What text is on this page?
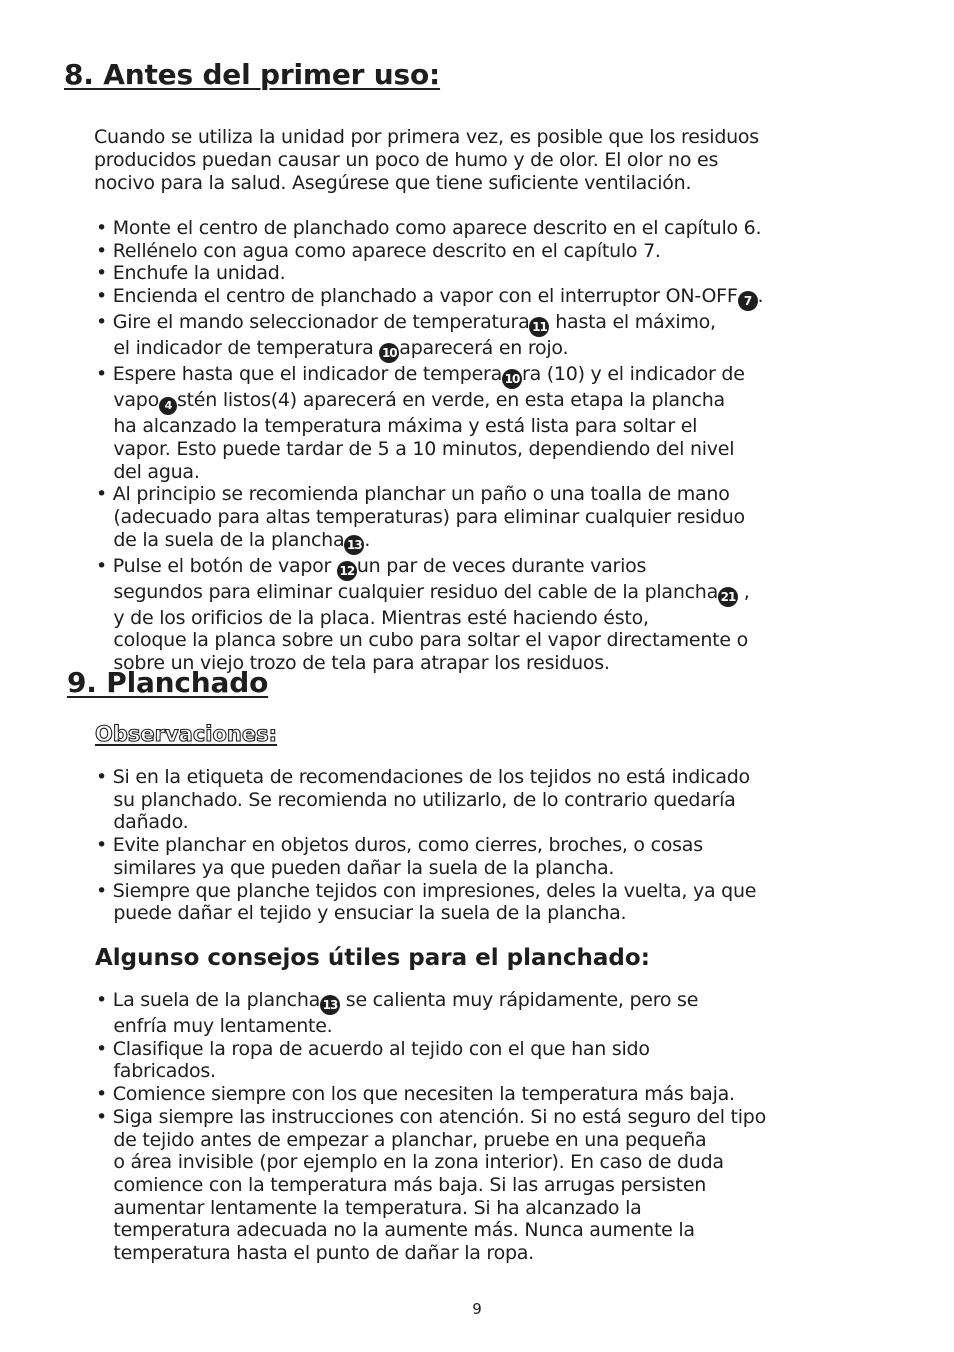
8. Antes del primer uso:

Cuando se utiliza la unidad por primera vez, es posible que los residuos
producidos puedan causar un poco de humo y de olor. El olor no es
nocivo para la salud. Asegúrese que tiene suficiente ventilación.

• Monte el centro de planchado como aparece descrito en el capítulo 6.
• Rellénelo con agua como aparece descrito en el capítulo 7.
• Enchufe la unidad.
• Encienda el centro de planchado a vapor con el interruptor ON-OFF 7 .
• Gire el mando seleccionador de temperatura 11 hasta el máximo,
el indicador de temperatura 10 aparecerá en rojo.
• Espere hasta que el indicador de tempera 10 ra (10) y el indicador de
vapo 4 stén listos(4) aparecerá en verde, en esta etapa la plancha
ha alcanzado la temperatura máxima y está lista para soltar el
vapor. Esto puede tardar de 5 a 10 minutos, dependiendo del nivel
del agua.
• Al principio se recomienda planchar un paño o una toalla de mano
(adecuado para altas temperaturas) para eliminar cualquier residuo
de la suela de la plancha 13 .
• Pulse el botón de vapor 12 un par de veces durante varios
segundos para eliminar cualquier residuo del cable de la plancha 21 ,
y de los orificios de la placa. Mientras esté haciendo ésto,
coloque la planca sobre un cubo para soltar el vapor directamente o
sobre un viejo trozo de tela para atrapar los residuos.
9. Planchado
Observaciones:
• Si en la etiqueta de recomendaciones de los tejidos no está indicado
su planchado. Se recomienda no utilizarlo, de lo contrario quedaría
dañado.
• Evite planchar en objetos duros, como cierres, broches, o cosas
similares ya que pueden dañar la suela de la plancha.
• Siempre que planche tejidos con impresiones, deles la vuelta, ya que
puede dañar el tejido y ensuciar la suela de la plancha.
Algunso consejos útiles para el planchado:
• La suela de la plancha 13 se calienta muy rápidamente, pero se
enfría muy lentamente.
• Clasifique la ropa de acuerdo al tejido con el que han sido
fabricados.
• Comience siempre con los que necesiten la temperatura más baja.
• Siga siempre las instrucciones con atención. Si no está seguro del tipo
de tejido antes de empezar a planchar, pruebe en una pequeña
o área invisible (por ejemplo en la zona interior). En caso de duda
comience con la temperatura más baja. Si las arrugas persisten
aumentar lentamente la temperatura. Si ha alcanzado la
temperatura adecuada no la aumente más. Nunca aumente la
temperatura hasta el punto de dañar la ropa.
9
